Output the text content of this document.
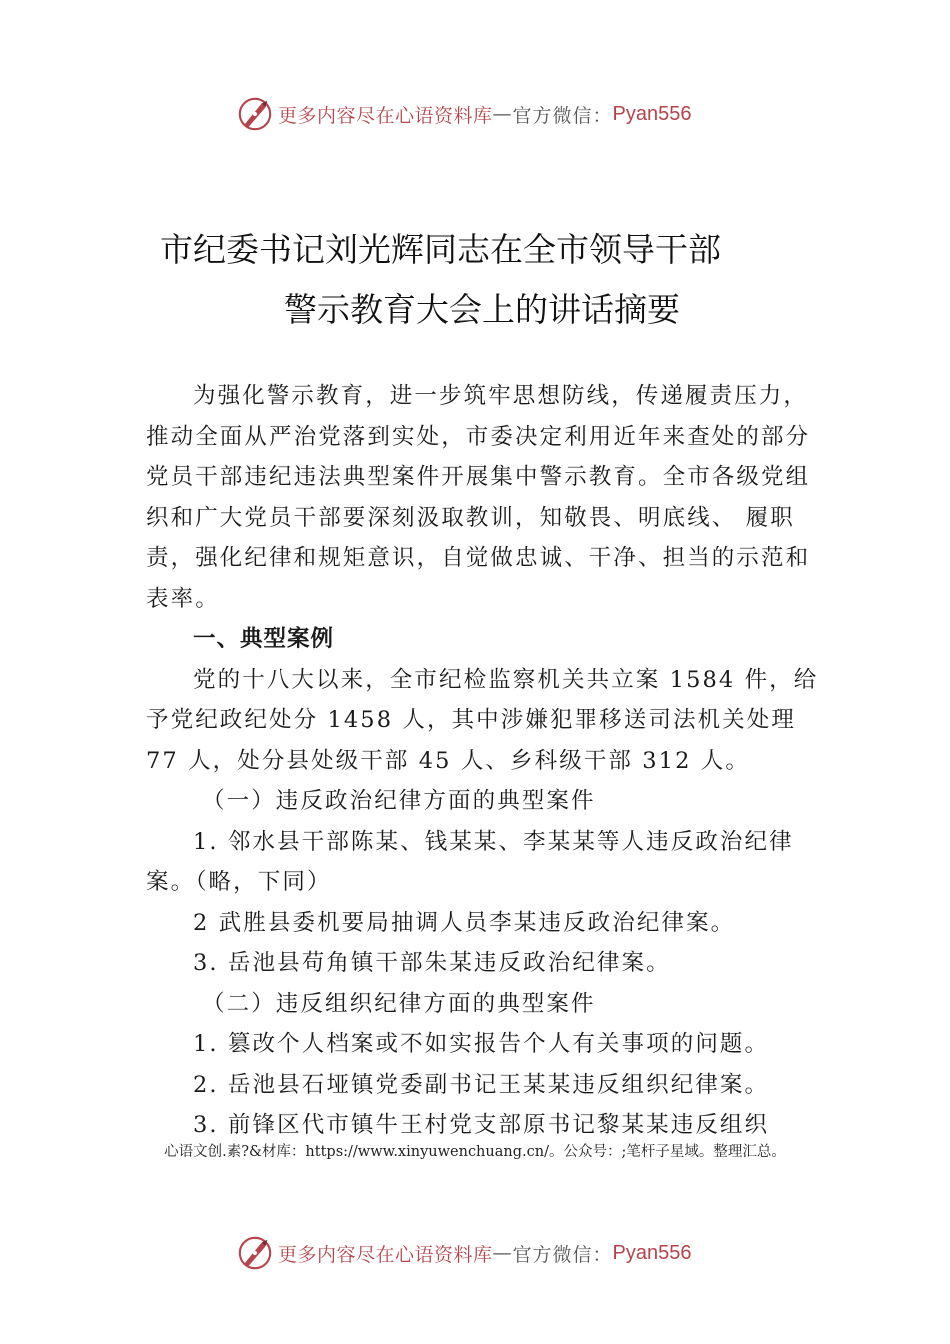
更多内容尽在心语资料库 — 官方微信： Pyan556
市纪委书记刘光辉同志在全市领导干部
警示教育大会上的讲话摘要

为强化警示教育，进一步筑牢思想防线，传递履责压力，推动全面从严治党落到实处，市委决定利用近年来查处的部分党员干部违纪违法典型案件开展集中警示教育。全市各级党组织和广大党员干部要深刻汲取教训，知敬畏、明底线、 履职责，强化纪律和规矩意识，自觉做忠诚、干净、担当的示范和表率。

一、典型案例

党的十八大以来，全市纪检监察机关共立案 1584 件，给予党纪政纪处分 1458 人，其中涉嫌犯罪移送司法机关处理 77 人，处分县处级干部 45 人、乡科级干部 312 人。

（一）违反政治纪律方面的典型案件

1. 邻水县干部陈某、钱某某、李某某等人违反政治纪律案。（略，下同）

2 武胜县委机要局抽调人员李某违反政治纪律案。

3. 岳池县苟角镇干部朱某违反政治纪律案。

（二）违反组织纪律方面的典型案件

1. 篡改个人档案或不如实报告个人有关事项的问题。

2. 岳池县石垭镇党委副书记王某某违反组织纪律案。

3. 前锋区代市镇牛王村党支部原书记黎某某违反组织

心语文创.素?&材库：https://www.xinyuwenchuang.cn/。公众号：;笔杆子星域。整理汇总。
更多内容尽在心语资料库 — 官方微信： Pyan556
